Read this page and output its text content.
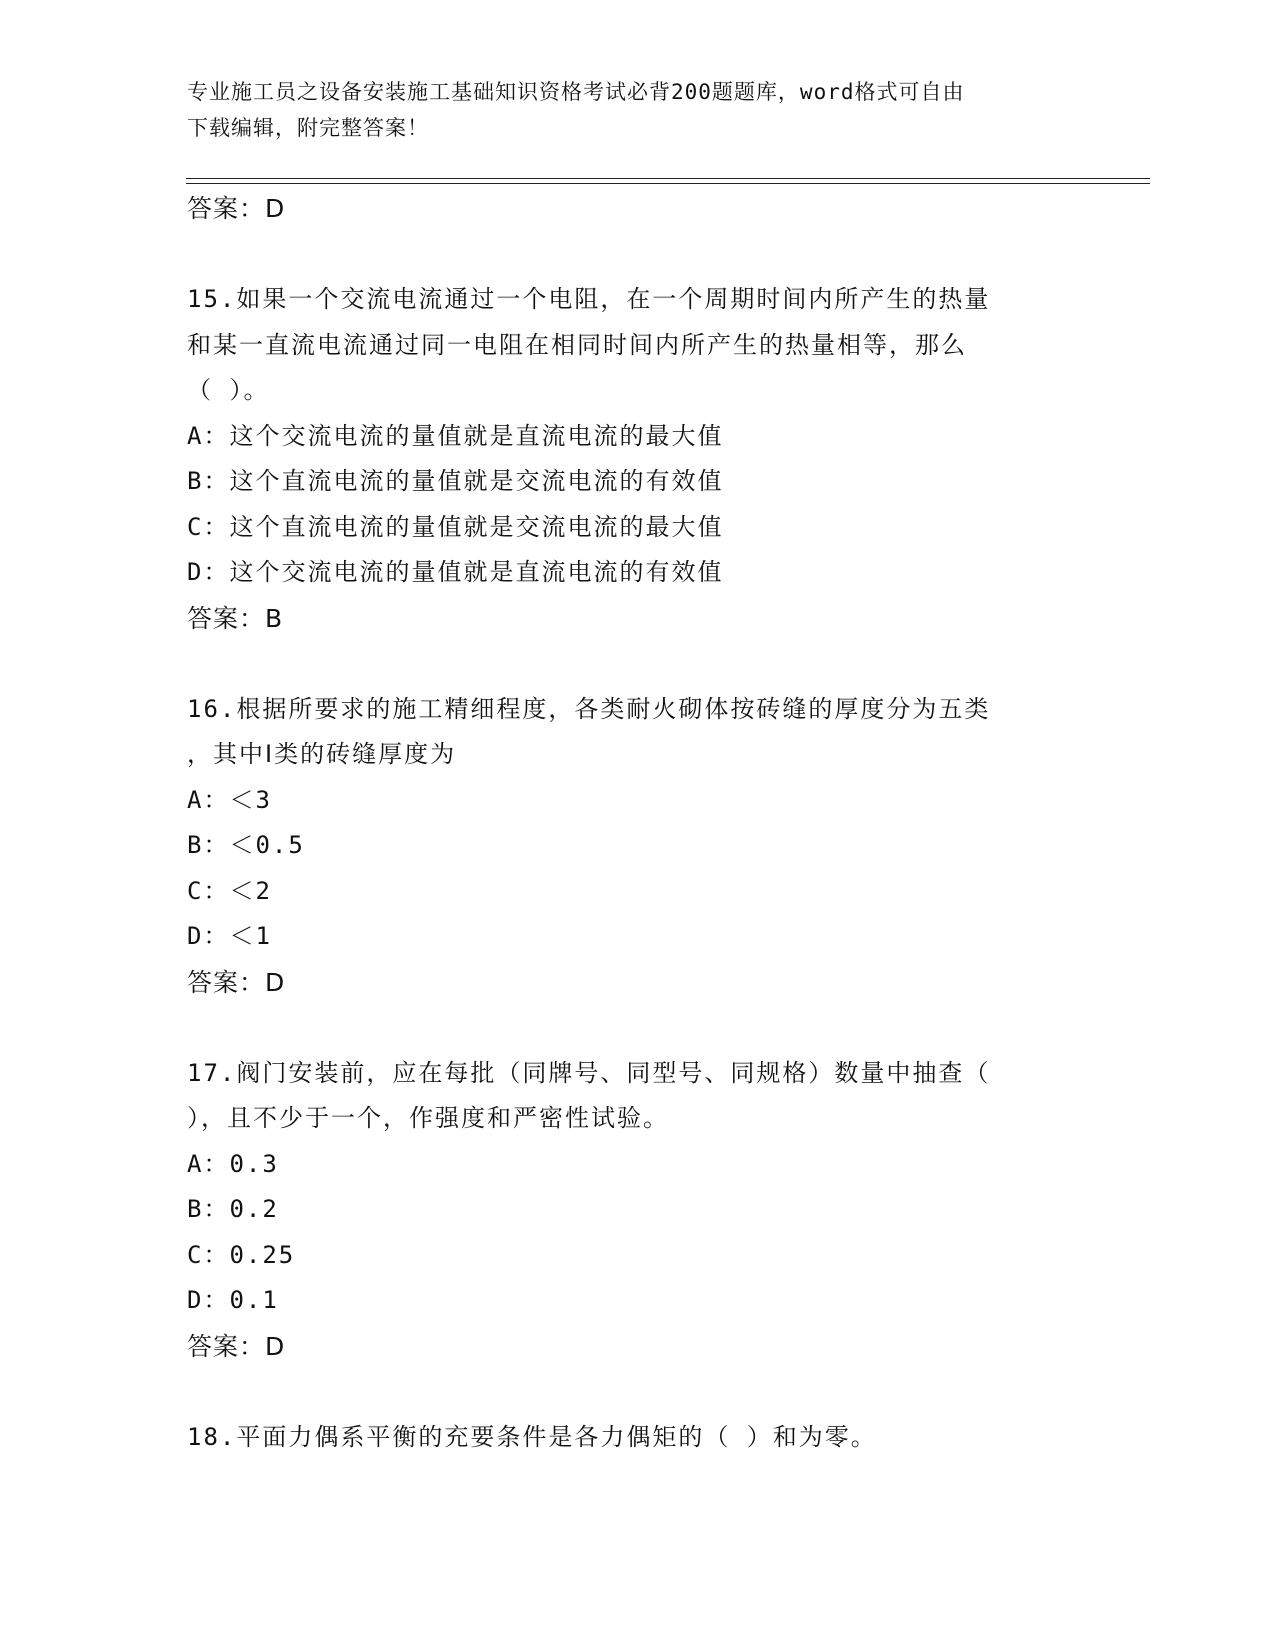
专业施工员之设备安装施工基础知识资格考试必背200题题库，word格式可自由
下载编辑，附完整答案！
答案：D
15.如果一个交流电流通过一个电阻，在一个周期时间内所产生的热量
和某一直流电流通过同一电阻在相同时间内所产生的热量相等，那么
（ ）。
A：这个交流电流的量值就是直流电流的最大值
B：这个直流电流的量值就是交流电流的有效值
C：这个直流电流的量值就是交流电流的最大值
D：这个交流电流的量值就是直流电流的有效值
答案：B
16.根据所要求的施工精细程度，各类耐火砌体按砖缝的厚度分为五类
，其中Ⅰ类的砖缝厚度为
A：＜3
B：＜0.5
C：＜2
D：＜1
答案：D
17.阀门安装前，应在每批（同牌号、同型号、同规格）数量中抽查（
），且不少于一个，作强度和严密性试验。
A：0.3
B：0.2
C：0.25
D：0.1
答案：D
18.平面力偶系平衡的充要条件是各力偶矩的（ ）和为零。
